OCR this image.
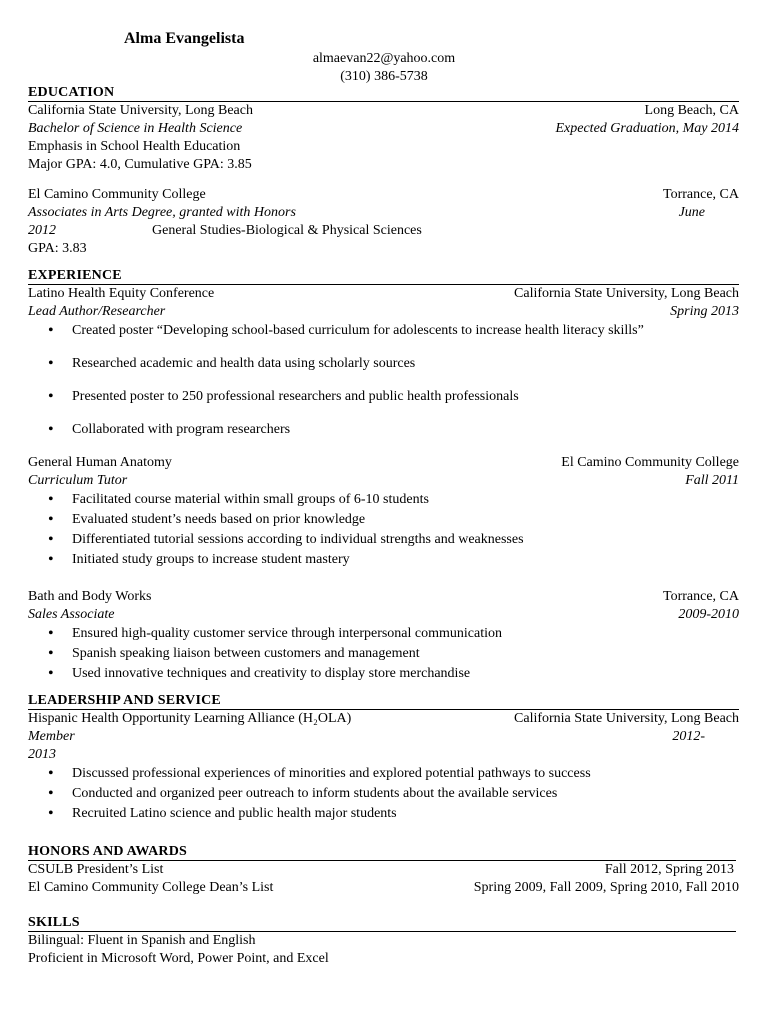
Alma Evangelista
almaevan22@yahoo.com
(310) 386-5738
EDUCATION
California State University, Long Beach	Long Beach, CA
Bachelor of Science in Health Science	Expected Graduation, May 2014
Emphasis in School Health Education
Major GPA: 4.0, Cumulative GPA: 3.85
El Camino Community College	Torrance, CA
Associates in Arts Degree, granted with Honors	June
2012	General Studies-Biological & Physical Sciences
GPA: 3.83
EXPERIENCE
Latino Health Equity Conference	California State University, Long Beach
Lead Author/Researcher	Spring 2013
• Created poster “Developing school-based curriculum for adolescents to increase health literacy skills”
• Researched academic and health data using scholarly sources
• Presented poster to 250 professional researchers and public health professionals
• Collaborated with program researchers
General Human Anatomy	El Camino Community College
Curriculum Tutor	Fall 2011
• Facilitated course material within small groups of 6-10 students
• Evaluated student’s needs based on prior knowledge
• Differentiated tutorial sessions according to individual strengths and weaknesses
• Initiated study groups to increase student mastery
Bath and Body Works	Torrance, CA
Sales Associate	2009-2010
• Ensured high-quality customer service through interpersonal communication
• Spanish speaking liaison between customers and management
• Used innovative techniques and creativity to display store merchandise
LEADERSHIP AND SERVICE
Hispanic Health Opportunity Learning Alliance (H₂OLA)	California State University, Long Beach
Member	2012-
2013
• Discussed professional experiences of minorities and explored potential pathways to success
• Conducted and organized peer outreach to inform students about the available services
• Recruited Latino science and public health major students
HONORS AND AWARDS
CSULB President’s List	Fall 2012, Spring 2013
El Camino Community College Dean’s List	Spring 2009, Fall 2009, Spring 2010, Fall 2010
SKILLS
Bilingual: Fluent in Spanish and English
Proficient in Microsoft Word, Power Point, and Excel
